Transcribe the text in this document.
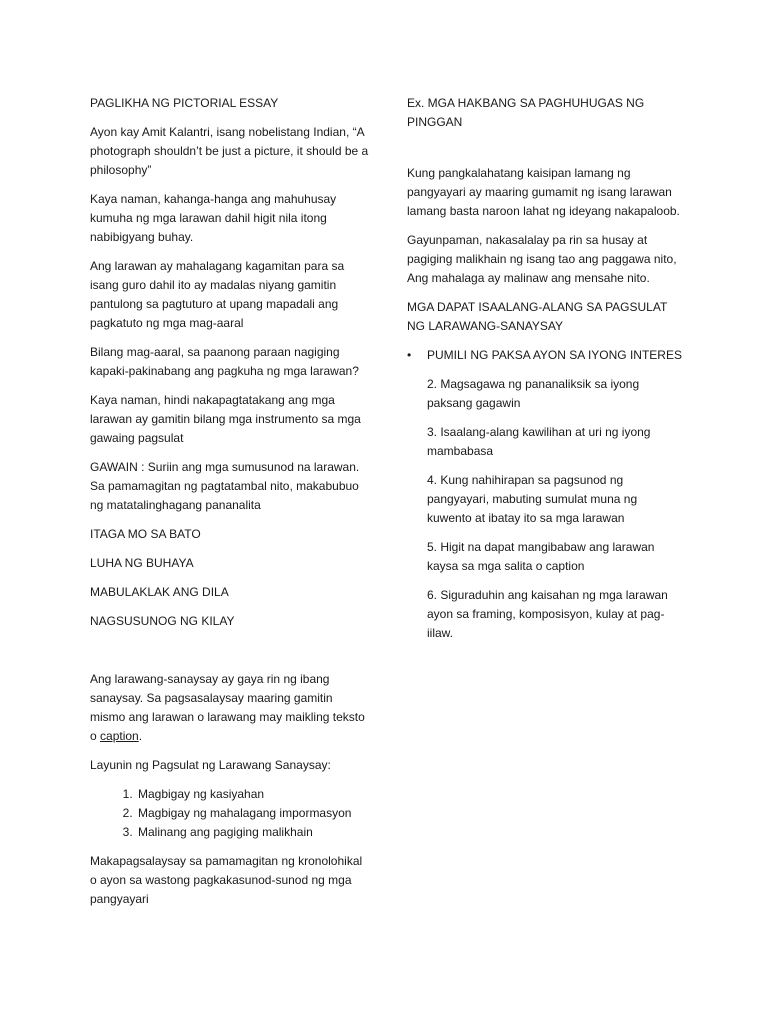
PAGLIKHA NG PICTORIAL ESSAY

Ayon kay Amit Kalantri, isang nobelistang Indian, “A photograph shouldn’t be just a picture, it should be a philosophy”

Kaya naman, kahanga-hanga ang mahuhusay kumuha ng mga larawan dahil higit nila itong nabibigyang buhay.

Ang larawan ay mahalagang kagamitan para sa isang guro dahil ito ay madalas niyang gamitin pantulong sa pagtuturo at upang mapadali ang pagkatuto ng mga mag-aaral

Bilang mag-aaral, sa paanong paraan nagiging kapaki-pakinabang ang pagkuha ng mga larawan?

Kaya naman, hindi nakapagtatakang ang mga larawan ay gamitin bilang mga instrumento sa mga gawaing pagsulat

GAWAIN : Suriin ang mga sumusunod na larawan. Sa pamamagitan ng pagtatambal nito, makabubuo ng matatalinghagang pananalita

ITAGA MO SA BATO

LUHA NG BUHAYA

MABULAKLAK ANG DILA

NAGSUSUNOG NG KILAY

Ang larawang-sanaysay ay gaya rin ng ibang sanaysay. Sa pagsasalaysay maaring gamitin mismo ang larawan o larawang may maikling teksto o caption.

Layunin ng Pagsulat ng Larawang Sanaysay:

1. Magbigay ng kasiyahan
2. Magbigay ng mahalagang impormasyon
3. Malinang ang pagiging malikhain

Makapagsalaysay sa pamamagitan ng kronolohikal o ayon sa wastong pagkakasunod-sunod ng mga pangyayari

Ex. MGA HAKBANG SA PAGHUHUGAS NG PINGGAN

Kung pangkalahatang kaisipan lamang ng pangyayari ay maaring gumamit ng isang larawan lamang basta naroon lahat ng ideyang nakapaloob.

Gayunpaman, nakasalalay pa rin sa husay at pagiging malikhain ng isang tao ang paggawa nito, Ang mahalaga ay malinaw ang mensahe nito.

MGA DAPAT ISAALANG-ALANG SA PAGSULAT NG LARAWANG-SANAYSAY

• PUMILI NG PAKSA AYON SA IYONG INTERES

2. Magsagawa ng pananaliksik sa iyong paksang gagawin

3. Isaalang-alang kawilihan at uri ng iyong mambabasa

4. Kung nahihirapan sa pagsunod ng pangyayari, mabuting sumulat muna ng kuwento at ibatay ito sa mga larawan

5. Higit na dapat mangibabaw ang larawan kaysa sa mga salita o caption

6. Siguraduhin ang kaisahan ng mga larawan ayon sa framing, komposisyon, kulay at pag-iilaw.
